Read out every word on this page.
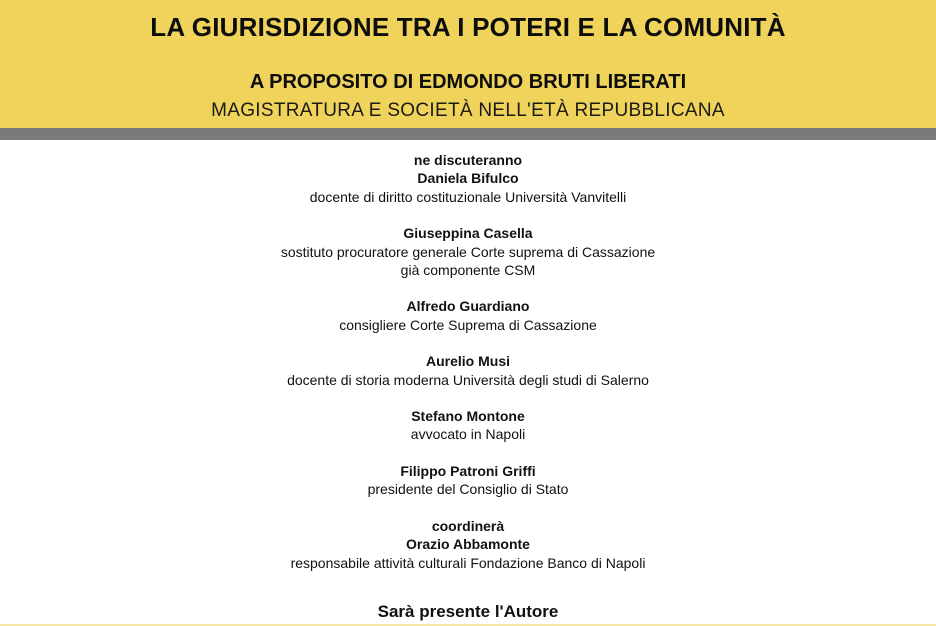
LA GIURISDIZIONE TRA I POTERI E LA COMUNITÀ
A PROPOSITO DI EDMONDO BRUTI LIBERATI
MAGISTRATURA E SOCIETÀ NELL'ETÀ REPUBBLICANA
ne discuteranno
Daniela Bifulco
docente di diritto costituzionale Università Vanvitelli
Giuseppina Casella
sostituto procuratore generale Corte suprema di Cassazione
già componente CSM
Alfredo Guardiano
consigliere Corte Suprema di Cassazione
Aurelio Musi
docente di storia moderna Università degli studi di Salerno
Stefano Montone
avvocato in Napoli
Filippo Patroni Griffi
presidente del Consiglio di Stato
coordinerà
Orazio Abbamonte
responsabile attività culturali Fondazione Banco di Napoli
Sarà presente l'Autore
